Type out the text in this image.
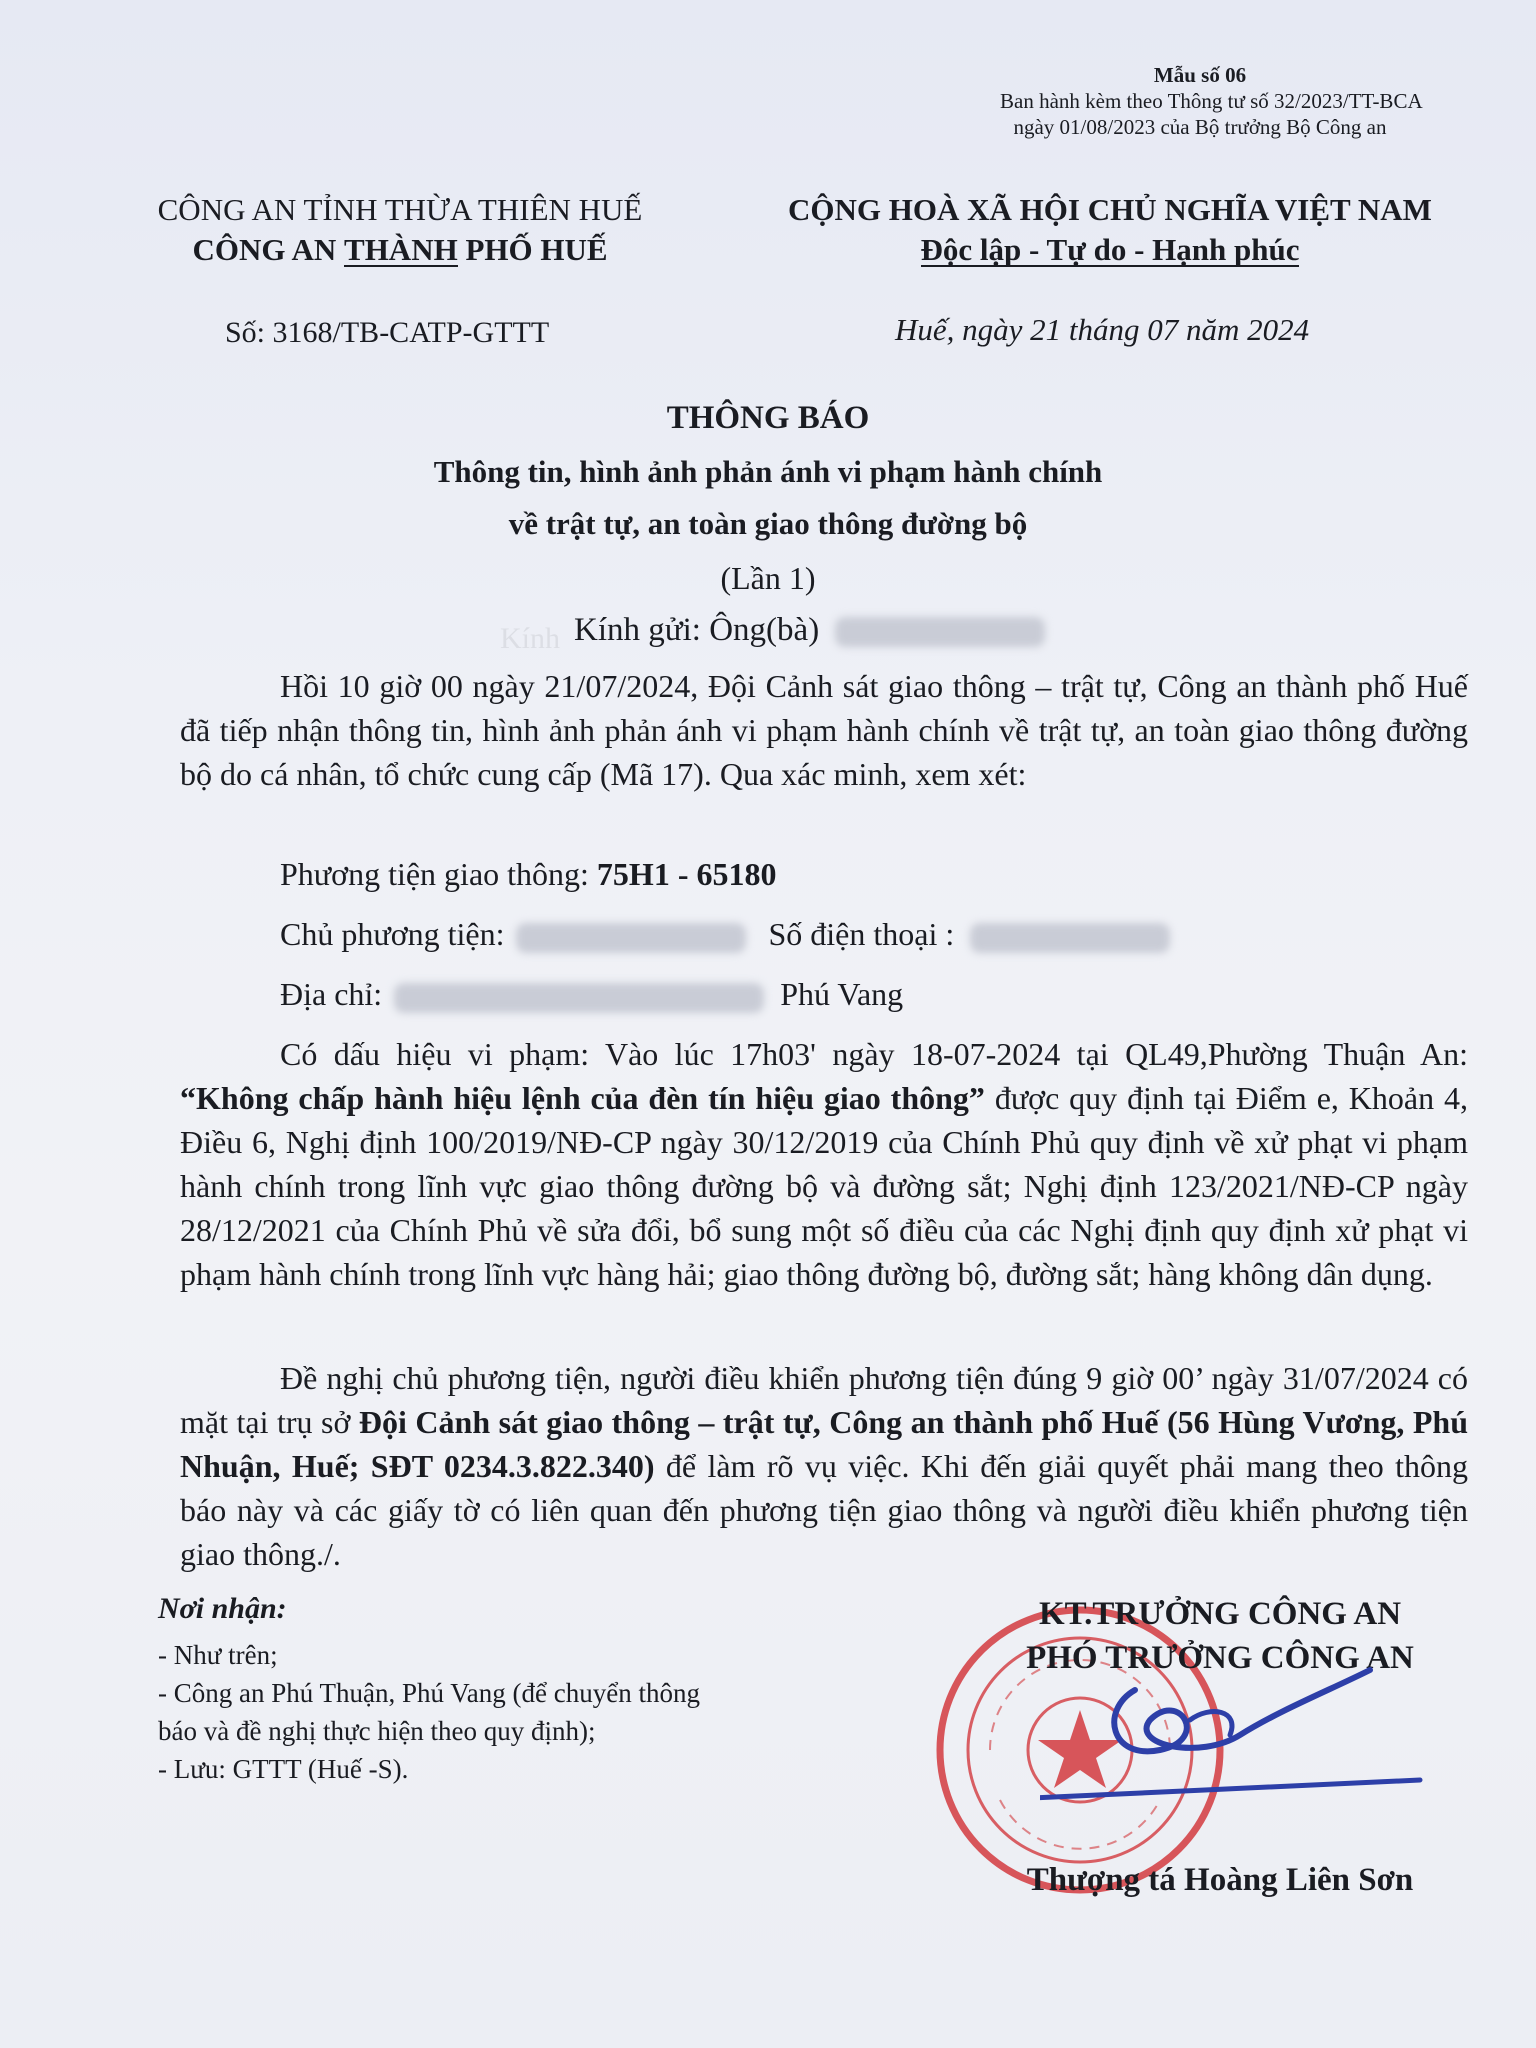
Mẫu số 06
Ban hành kèm theo Thông tư số 32/2023/TT-BCA
ngày 01/08/2023 của Bộ trưởng Bộ Công an
CÔNG AN TỈNH THỪA THIÊN HUẾ
CÔNG AN THÀNH PHỐ HUẾ
CỘNG HOÀ XÃ HỘI CHỦ NGHĨA VIỆT NAM
Độc lập - Tự do - Hạnh phúc
Số: 3168/TB-CATP-GTTT	Huế, ngày 21 tháng 07 năm 2024
THÔNG BÁO
Thông tin, hình ảnh phản ánh vi phạm hành chính
về trật tự, an toàn giao thông đường bộ
(Lần 1)
Kính Kính gửi: Ông(bà)

Hồi 10 giờ 00 ngày 21/07/2024, Đội Cảnh sát giao thông – trật tự, Công an thành phố Huế đã tiếp nhận thông tin, hình ảnh phản ánh vi phạm hành chính về trật tự, an toàn giao thông đường bộ do cá nhân, tổ chức cung cấp (Mã 17). Qua xác minh, xem xét:

Phương tiện giao thông: 75H1 - 65180
Chủ phương tiện:	Số điện thoại :
Địa chỉ:	Phú Vang

Có dấu hiệu vi phạm: Vào lúc 17h03' ngày 18-07-2024 tại QL49,Phường Thuận An: “Không chấp hành hiệu lệnh của đèn tín hiệu giao thông” được quy định tại Điểm e, Khoản 4, Điều 6, Nghị định 100/2019/NĐ-CP ngày 30/12/2019 của Chính Phủ quy định về xử phạt vi phạm hành chính trong lĩnh vực giao thông đường bộ và đường sắt; Nghị định 123/2021/NĐ-CP ngày 28/12/2021 của Chính Phủ về sửa đổi, bổ sung một số điều của các Nghị định quy định xử phạt vi phạm hành chính trong lĩnh vực hàng hải; giao thông đường bộ, đường sắt; hàng không dân dụng.

Đề nghị chủ phương tiện, người điều khiển phương tiện đúng 9 giờ 00’ ngày 31/07/2024 có mặt tại trụ sở Đội Cảnh sát giao thông – trật tự, Công an thành phố Huế (56 Hùng Vương, Phú Nhuận, Huế; SĐT 0234.3.822.340) để làm rõ vụ việc. Khi đến giải quyết phải mang theo thông báo này và các giấy tờ có liên quan đến phương tiện giao thông và người điều khiển phương tiện giao thông./.

Nơi nhận:
- Như trên;
- Công an Phú Thuận, Phú Vang (để chuyển thông
báo và đề nghị thực hiện theo quy định);
- Lưu: GTTT (Huế -S).
KT.TRƯỞNG CÔNG AN
PHÓ TRƯỞNG CÔNG AN
Thượng tá Hoàng Liên Sơn
